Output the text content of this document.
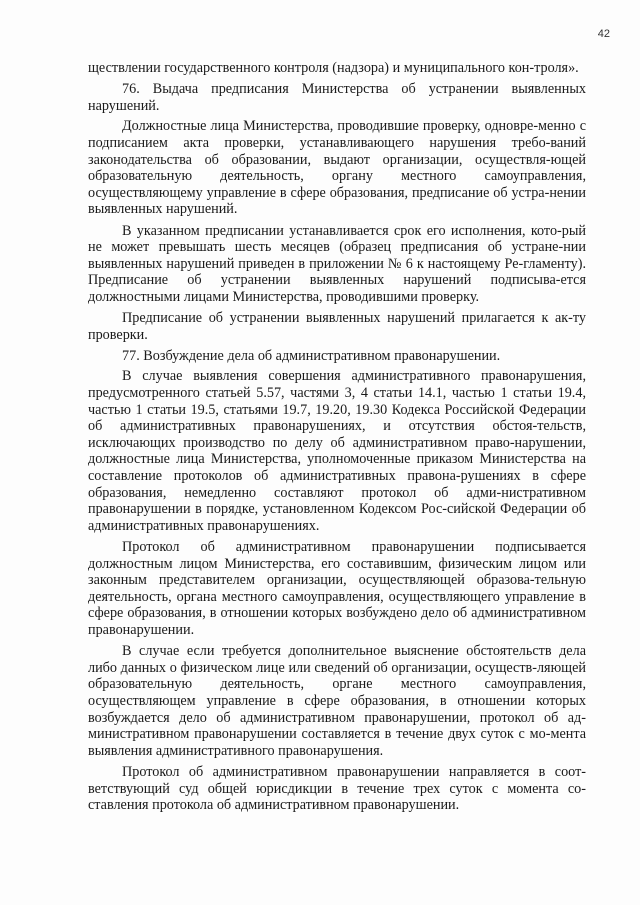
42

ществлении государственного контроля (надзора) и муниципального кон-троля».

76. Выдача предписания Министерства об устранении выявленных нарушений.

Должностные лица Министерства, проводившие проверку, одновре-менно с подписанием акта проверки, устанавливающего нарушения требо-ваний законодательства об образовании, выдают организации, осуществля-ющей образовательную деятельность, органу местного самоуправления, осуществляющему управление в сфере образования, предписание об устра-нении выявленных нарушений.

В указанном предписании устанавливается срок его исполнения, кото-рый не может превышать шесть месяцев (образец предписания об устране-нии выявленных нарушений приведен в приложении № 6 к настоящему Ре-гламенту). Предписание об устранении выявленных нарушений подписыва-ется должностными лицами Министерства, проводившими проверку.

Предписание об устранении выявленных нарушений прилагается к ак-ту проверки.

77. Возбуждение дела об административном правонарушении.

В случае выявления совершения административного правонарушения, предусмотренного статьей 5.57, частями 3, 4 статьи 14.1, частью 1 статьи 19.4, частью 1 статьи 19.5, статьями 19.7, 19.20, 19.30 Кодекса Российской Федерации об административных правонарушениях, и отсутствия обстоя-тельств, исключающих производство по делу об административном право-нарушении, должностные лица Министерства, уполномоченные приказом Министерства на составление протоколов об административных правона-рушениях в сфере образования, немедленно составляют протокол об адми-нистративном правонарушении в порядке, установленном Кодексом Рос-сийской Федерации об административных правонарушениях.

Протокол об административном правонарушении подписывается должностным лицом Министерства, его составившим, физическим лицом или законным представителем организации, осуществляющей образова-тельную деятельность, органа местного самоуправления, осуществляющего управление в сфере образования, в отношении которых возбуждено дело об административном правонарушении.

В случае если требуется дополнительное выяснение обстоятельств дела либо данных о физическом лице или сведений об организации, осуществ-ляющей образовательную деятельность, органе местного самоуправления, осуществляющем управление в сфере образования, в отношении которых возбуждается дело об административном правонарушении, протокол об ад-министративном правонарушении составляется в течение двух суток с мо-мента выявления административного правонарушения.

Протокол об административном правонарушении направляется в соот-ветствующий суд общей юрисдикции в течение трех суток с момента со-ставления протокола об административном правонарушении.
